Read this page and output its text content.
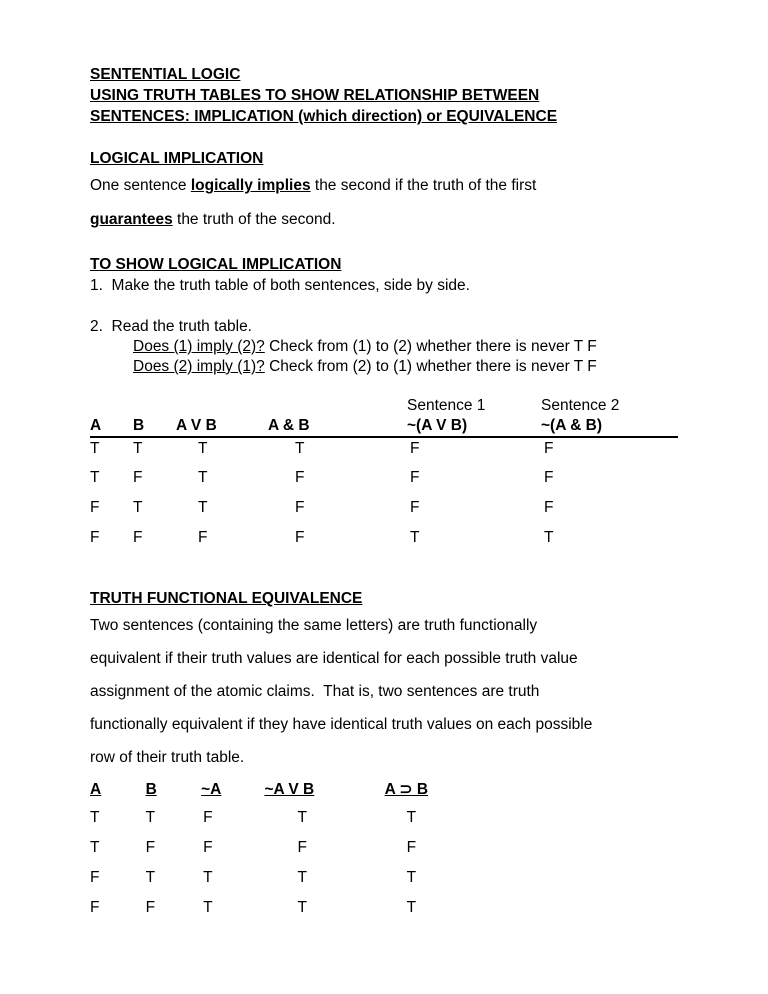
SENTENTIAL LOGIC
USING TRUTH TABLES TO SHOW RELATIONSHIP BETWEEN
SENTENCES: IMPLICATION (which direction) or EQUIVALENCE
LOGICAL IMPLICATION
One sentence logically implies the second if the truth of the first
guarantees the truth of the second.
TO SHOW LOGICAL IMPLICATION
1.  Make the truth table of both sentences, side by side.
2.  Read the truth table.
Does (1) imply (2)? Check from (1) to (2) whether there is never T F
Does (2) imply (1)? Check from (2) to (1) whether there is never T F
				Sentence 1	Sentence 2
A	B	A V B	A & B	~(A V B)	~(A & B)
T	T	T	T	F	F
T	F	T	F	F	F
F	T	T	F	F	F
F	F	F	F	T	T
TRUTH FUNCTIONAL EQUIVALENCE
Two sentences (containing the same letters) are truth functionally
equivalent if their truth values are identical for each possible truth value
assignment of the atomic claims.  That is, two sentences are truth
functionally equivalent if they have identical truth values on each possible
row of their truth table.
A	B	~A	~A V B	A ⊃ B
T	T	F	T	T
T	F	F	F	F
F	T	T	T	T
F	F	T	T	T
